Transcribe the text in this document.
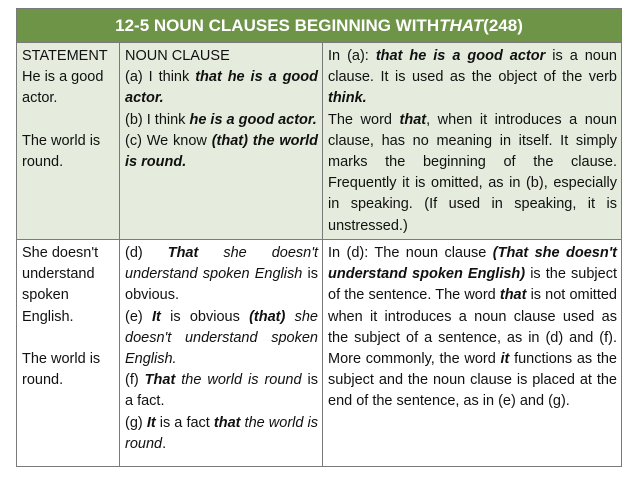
12-5 NOUN CLAUSES BEGINNING WITH THAT (248)

STATEMENT

He is a good actor.

The world is round.

NOUN CLAUSE

(a) I think that he is a good actor.

(b) I think he is a good actor.

(c) We know (that) the world is round.

In (a): that he is a good actor is a noun clause. It is used as the object of the verb think.

The word that, when it introduces a noun clause, has no meaning in itself. It simply marks the beginning of the clause. Frequently it is omitted, as in (b), especially in speaking. (If used in speaking, it is unstressed.)

She doesn't understand spoken English.

The world is round.

(d) That she doesn't understand spoken English is obvious.

(e) It is obvious (that) she doesn't understand spoken English.

(f) That the world is round is a fact.

(g) It is a fact that the world is round.

In (d): The noun clause (That she doesn't understand spoken English) is the subject of the sentence. The word that is not omitted when it introduces a noun clause used as the subject of a sentence, as in (d) and (f). More commonly, the word it functions as the subject and the noun clause is placed at the end of the sentence, as in (e) and (g).
